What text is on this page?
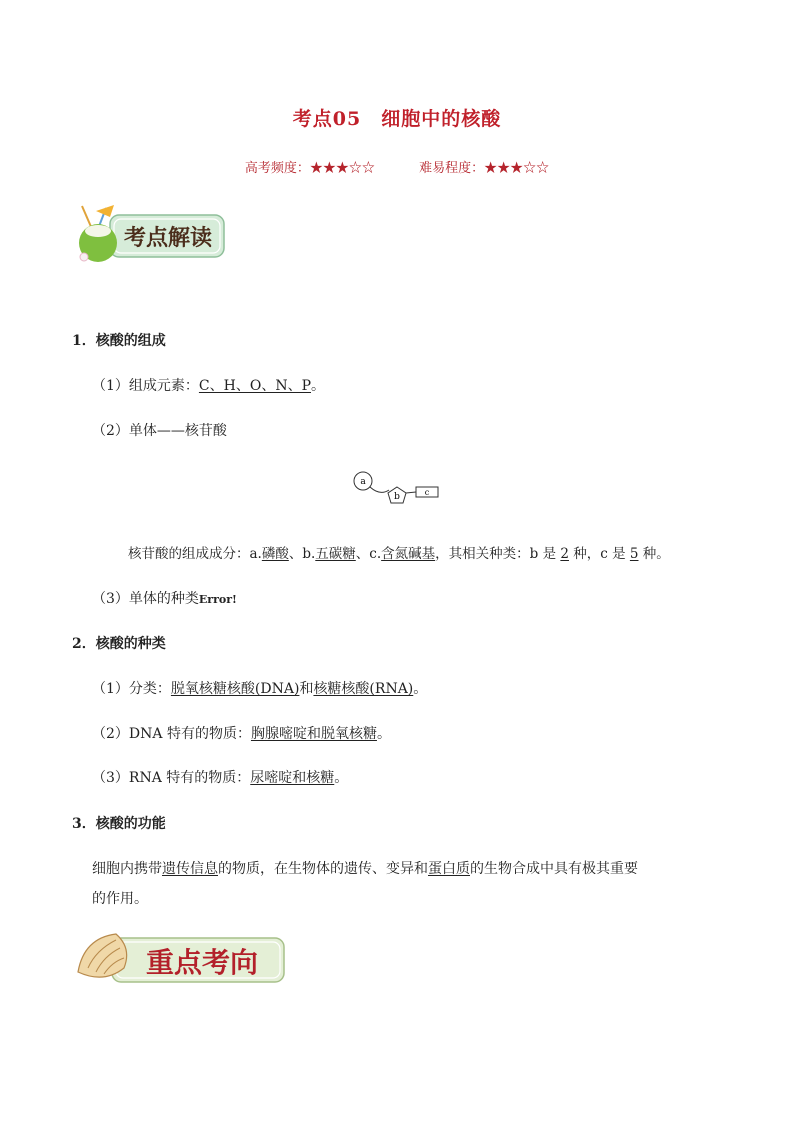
考点05　细胞中的核酸
高考频度：★★★☆☆	难易程度：★★★☆☆
考点解读
1．核酸的组成
（1）组成元素：C、H、O、N、P。
（2）单体——核苷酸
a
b	c
核苷酸的组成成分：a.磷酸、b.五碳糖、c.含氮碱基，其相关种类：b 是 2 种，c 是 5 种。
（3）单体的种类Error!
2．核酸的种类
（1）分类：脱氧核糖核酸(DNA)和核糖核酸(RNA)。
（2）DNA 特有的物质：胸腺嘧啶和脱氧核糖。
（3）RNA 特有的物质：尿嘧啶和核糖。
3．核酸的功能
细胞内携带遗传信息的物质，在生物体的遗传、变异和蛋白质的生物合成中具有极其重要
的作用。
重点考向
